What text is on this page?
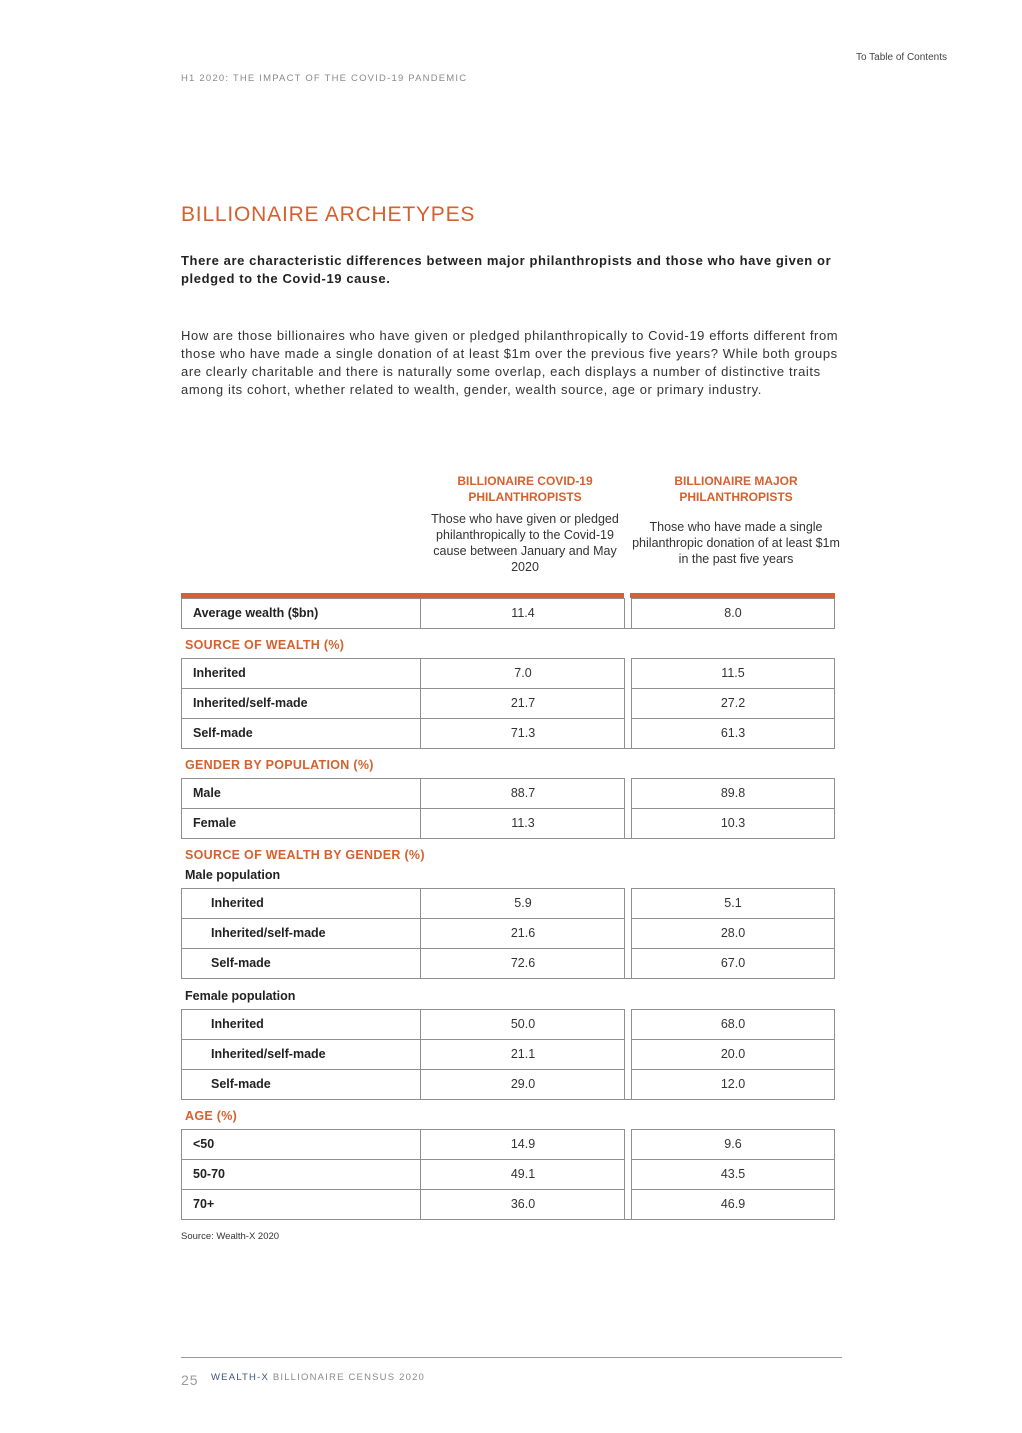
To Table of Contents
H1 2020: THE IMPACT OF THE COVID-19 PANDEMIC
BILLIONAIRE ARCHETYPES

There are characteristic differences between major philanthropists and those who have given or pledged to the Covid-19 cause.

How are those billionaires who have given or pledged philanthropically to Covid-19 efforts different from those who have made a single donation of at least $1m over the previous five years? While both groups are clearly charitable and there is naturally some overlap, each displays a number of distinctive traits among its cohort, whether related to wealth, gender, wealth source, age or primary industry.

BILLIONAIRE COVID-19 PHILANTHROPISTS
Those who have given or pledged philanthropically to the Covid-19 cause between January and May 2020
BILLIONAIRE MAJOR PHILANTHROPISTS
Those who have made a single philanthropic donation of at least $1m in the past five years
Average wealth ($bn)	11.4	8.0
SOURCE OF WEALTH (%)
Inherited	7.0	11.5
Inherited/self-made	21.7	27.2
Self-made	71.3	61.3
GENDER BY POPULATION (%)
Male	88.7	89.8
Female	11.3	10.3
SOURCE OF WEALTH BY GENDER (%)
Male population
Inherited	5.9	5.1
Inherited/self-made	21.6	28.0
Self-made	72.6	67.0
Female population
Inherited	50.0	68.0
Inherited/self-made	21.1	20.0
Self-made	29.0	12.0
AGE (%)
<50	14.9	9.6
50-70	49.1	43.5
70+	36.0	46.9
Source: Wealth-X 2020
25 WEALTH-X BILLIONAIRE CENSUS 2020
